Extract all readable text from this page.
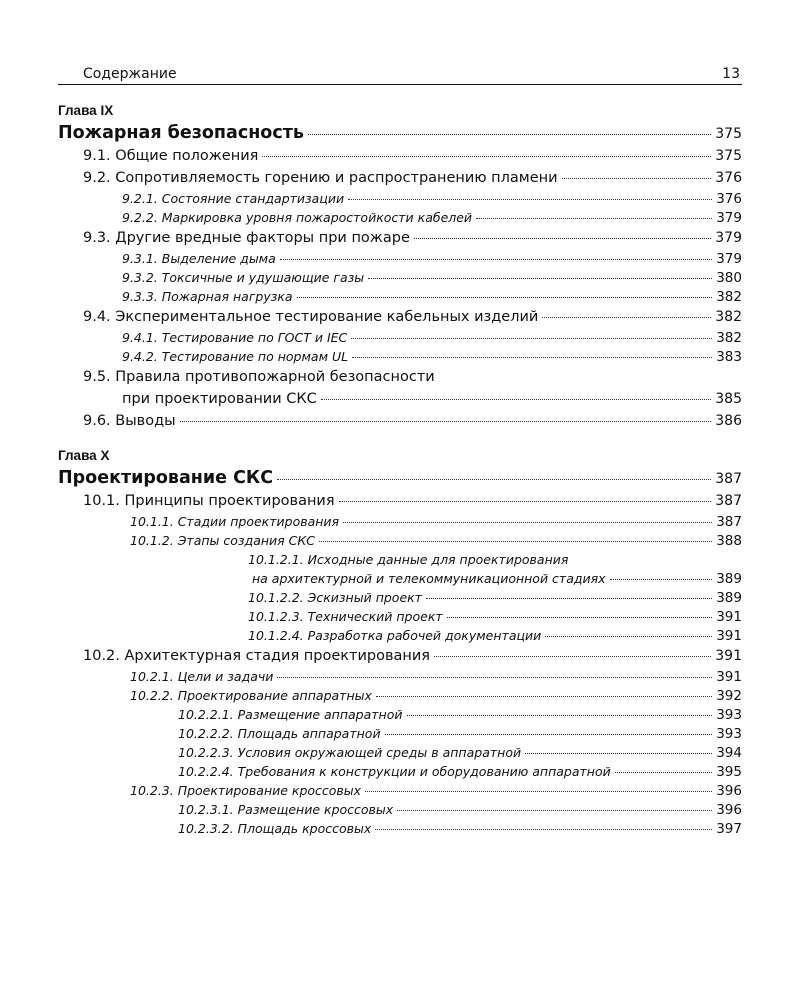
Содержание	13
Глава IX
Пожарная безопасность	375
9.1. Общие положения	375
9.2. Сопротивляемость горению и распространению пламени	376
9.2.1. Состояние стандартизации	376
9.2.2. Маркировка уровня пожаростойкости кабелей	379
9.3. Другие вредные факторы при пожаре	379
9.3.1. Выделение дыма	379
9.3.2. Токсичные и удушающие газы	380
9.3.3. Пожарная нагрузка	382
9.4. Экспериментальное тестирование кабельных изделий	382
9.4.1. Тестирование по ГОСТ и IEC	382
9.4.2. Тестирование по нормам UL	383
9.5. Правила противопожарной безопасности
при проектировании СКС	385
9.6. Выводы	386
Глава X
Проектирование СКС	387
10.1. Принципы проектирования	387
10.1.1. Стадии проектирования	387
10.1.2. Этапы создания СКС	388
10.1.2.1. Исходные данные для проектирования
на архитектурной и телекоммуникационной стадиях	389
10.1.2.2. Эскизный проект	389
10.1.2.3. Технический проект	391
10.1.2.4. Разработка рабочей документации	391
10.2. Архитектурная стадия проектирования	391
10.2.1. Цели и задачи	391
10.2.2. Проектирование аппаратных	392
10.2.2.1. Размещение аппаратной	393
10.2.2.2. Площадь аппаратной	393
10.2.2.3. Условия окружающей среды в аппаратной	394
10.2.2.4. Требования к конструкции и оборудованию аппаратной	395
10.2.3. Проектирование кроссовых	396
10.2.3.1. Размещение кроссовых	396
10.2.3.2. Площадь кроссовых	397
